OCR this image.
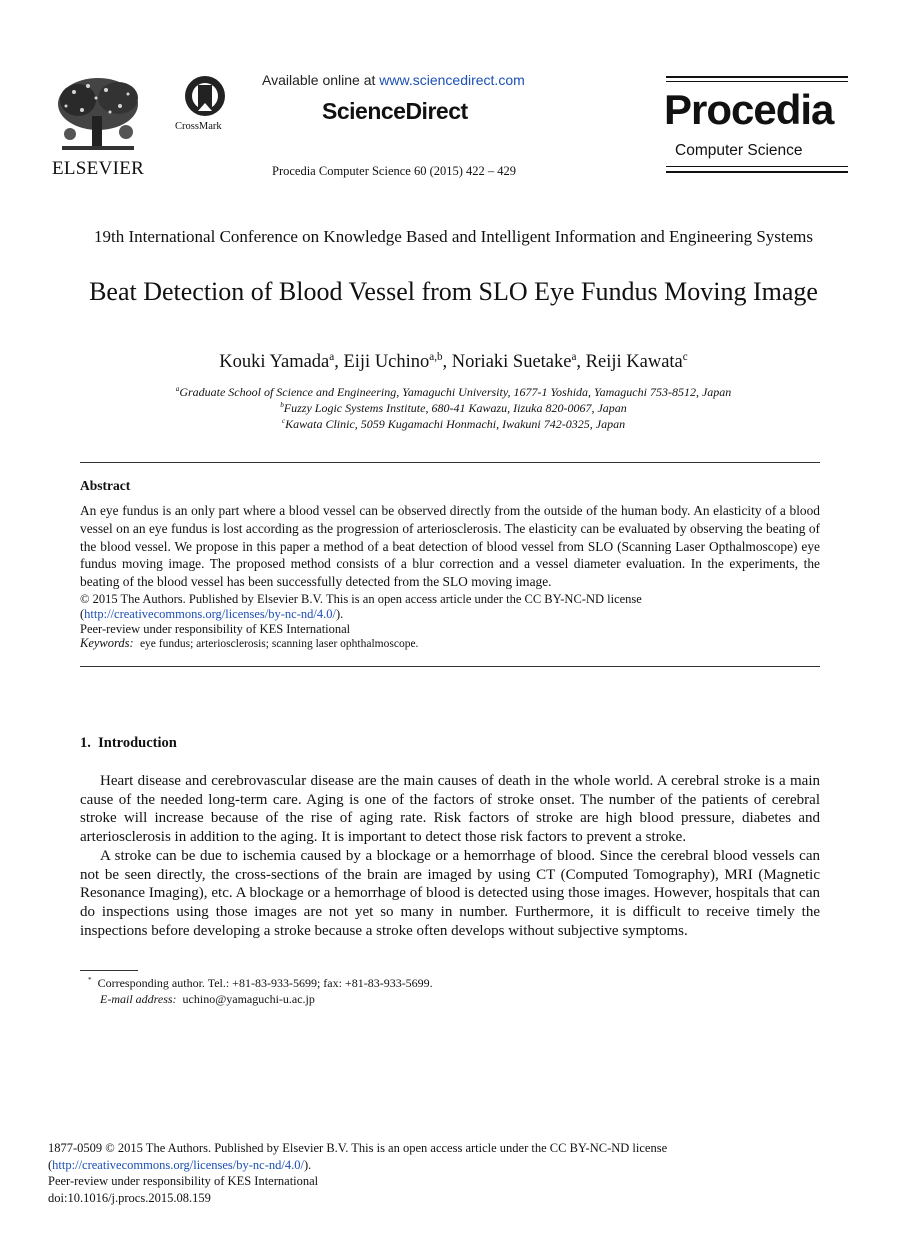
ELSEVIER
CrossMark
Available online at www.sciencedirect.com
ScienceDirect
Procedia Computer Science 60 (2015) 422 – 429
Procedia
Computer Science
19th International Conference on Knowledge Based and Intelligent Information and Engineering Systems
Beat Detection of Blood Vessel from SLO Eye Fundus Moving Image
Kouki Yamada$^a$, Eiji Uchino$^{a,b}$, Noriaki Suetake$^a$, Reiji Kawata$^c$
$^a$Graduate School of Science and Engineering, Yamaguchi University, 1677-1 Yoshida, Yamaguchi 753-8512, Japan
$^b$Fuzzy Logic Systems Institute, 680-41 Kawazu, Iizuka 820-0067, Japan
$^c$Kawata Clinic, 5059 Kugamachi Honmachi, Iwakuni 742-0325, Japan
Abstract
An eye fundus is an only part where a blood vessel can be observed directly from the outside of the human body. An elasticity of a blood vessel on an eye fundus is lost according as the progression of arteriosclerosis. The elasticity can be evaluated by observing the beating of the blood vessel. We propose in this paper a method of a beat detection of blood vessel from SLO (Scanning Laser Opthalmoscope) eye fundus moving image. The proposed method consists of a blur correction and a vessel diameter evaluation. In the experiments, the beating of the blood vessel has been successfully detected from the SLO moving image.
© 2015 The Authors. Published by Elsevier B.V. This is an open access article under the CC BY-NC-ND license
(http://creativecommons.org/licenses/by-nc-nd/4.0/).
Peer-review under responsibility of KES International
Keywords: eye fundus; arteriosclerosis; scanning laser ophthalmoscope.
1. Introduction

Heart disease and cerebrovascular disease are the main causes of death in the whole world. A cerebral stroke is a main cause of the needed long-term care. Aging is one of the factors of stroke onset. The number of the patients of cerebral stroke will increase because of the rise of aging rate. Risk factors of stroke are high blood pressure, diabetes and arteriosclerosis in addition to the aging. It is important to detect those risk factors to prevent a stroke.

A stroke can be due to ischemia caused by a blockage or a hemorrhage of blood. Since the cerebral blood vessels can not be seen directly, the cross-sections of the brain are imaged by using CT (Computed Tomography), MRI (Magnetic Resonance Imaging), etc. A blockage or a hemorrhage of blood is detected using those images. However, hospitals that can do inspections using those images are not yet so many in number. Furthermore, it is difficult to receive timely the inspections before developing a stroke because a stroke often develops without subjective symptoms.

* Corresponding author. Tel.: +81-83-933-5699; fax: +81-83-933-5699.
E-mail address: uchino@yamaguchi-u.ac.jp
1877-0509 © 2015 The Authors. Published by Elsevier B.V. This is an open access article under the CC BY-NC-ND license
(http://creativecommons.org/licenses/by-nc-nd/4.0/).
Peer-review under responsibility of KES International
doi:10.1016/j.procs.2015.08.159
